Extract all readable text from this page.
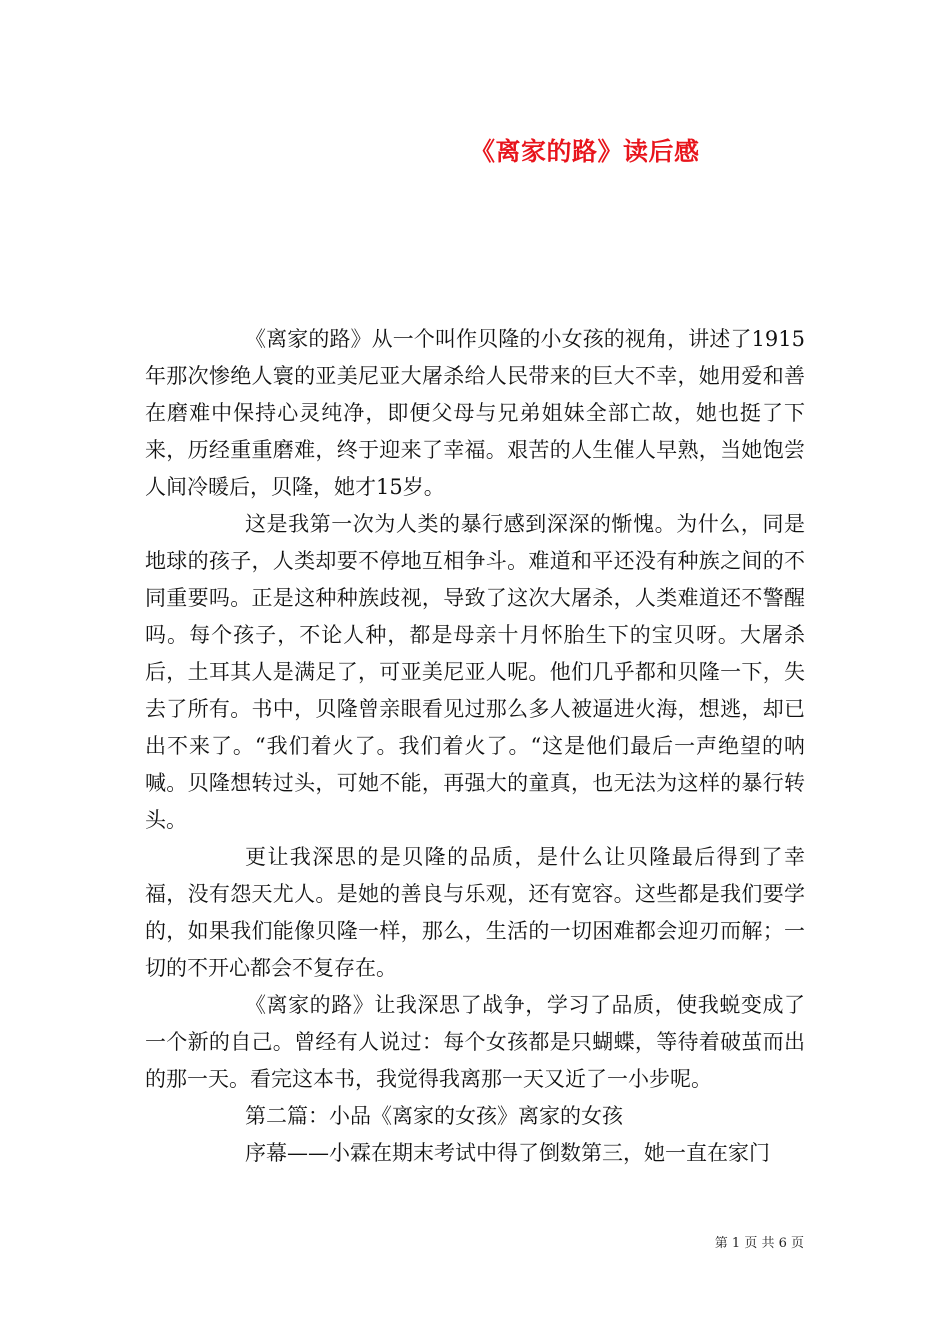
《离家的路》读后感

《离家的路》从一个叫作贝隆的小女孩的视角，讲述了1915年那次惨绝人寰的亚美尼亚大屠杀给人民带来的巨大不幸，她用爱和善在磨难中保持心灵纯净，即便父母与兄弟姐妹全部亡故，她也挺了下来，历经重重磨难，终于迎来了幸福。艰苦的人生催人早熟，当她饱尝人间冷暖后，贝隆，她才15岁。

这是我第一次为人类的暴行感到深深的惭愧。为什么，同是地球的孩子，人类却要不停地互相争斗。难道和平还没有种族之间的不同重要吗。正是这种种族歧视，导致了这次大屠杀，人类难道还不警醒吗。每个孩子，不论人种，都是母亲十月怀胎生下的宝贝呀。大屠杀后，土耳其人是满足了，可亚美尼亚人呢。他们几乎都和贝隆一下，失去了所有。书中，贝隆曾亲眼看见过那么多人被逼进火海，想逃，却已出不来了。“我们着火了。我们着火了。“这是他们最后一声绝望的呐喊。贝隆想转过头，可她不能，再强大的童真，也无法为这样的暴行转头。

更让我深思的是贝隆的品质，是什么让贝隆最后得到了幸福，没有怨天尤人。是她的善良与乐观，还有宽容。这些都是我们要学的，如果我们能像贝隆一样，那么，生活的一切困难都会迎刃而解；一切的不开心都会不复存在。

《离家的路》让我深思了战争，学习了品质，使我蜕变成了一个新的自己。曾经有人说过：每个女孩都是只蝴蝶，等待着破茧而出的那一天。看完这本书，我觉得我离那一天又近了一小步呢。

第二篇：小品《离家的女孩》离家的女孩

序幕——小霖在期末考试中得了倒数第三，她一直在家门

第 1 页 共 6 页
